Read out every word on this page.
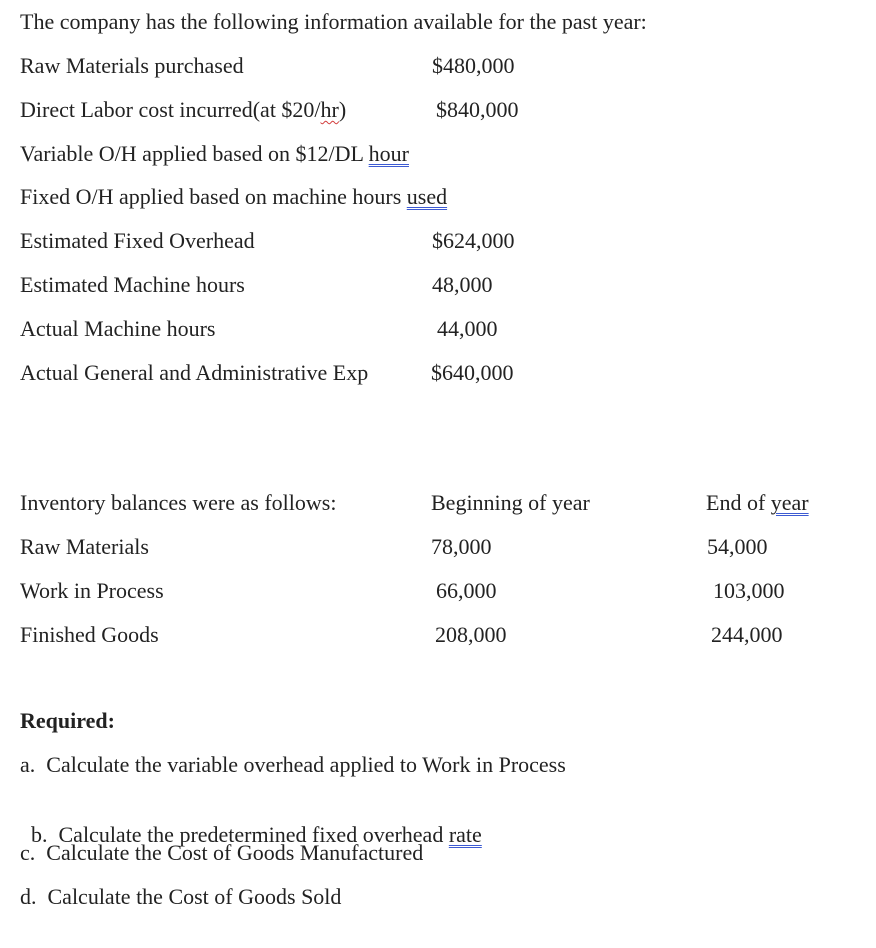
The company has the following information available for the past year:
Raw Materials purchased	$480,000
Direct Labor cost incurred(at $20/hr)	$840,000
Variable O/H applied based on $12/DL hour
Fixed O/H applied based on machine hours used
Estimated Fixed Overhead	$624,000
Estimated Machine hours	48,000
Actual Machine hours	44,000
Actual General and Administrative Exp	$640,000
Inventory balances were as follows:	Beginning of year	End of year
Raw Materials	78,000	54,000
Work in Process	66,000	103,000
Finished Goods	208,000	244,000
Required:
a.  Calculate the variable overhead applied to Work in Process

b.  Calculate the predetermined fixed overhead rate

c.  Calculate the Cost of Goods Manufactured
d.  Calculate the Cost of Goods Sold
